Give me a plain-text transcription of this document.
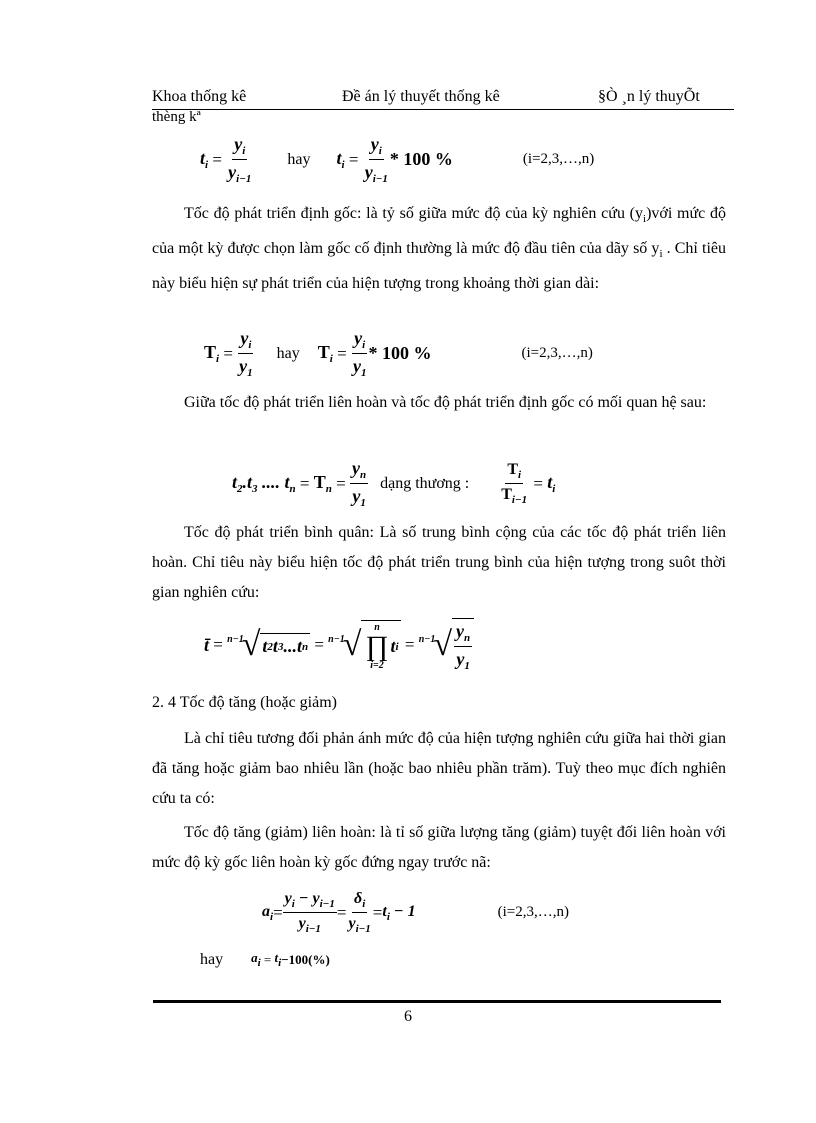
Khoa thống kê	Đề án lý thuyết thống kê	§Ò ¸n lý thuyÕt
thèng kª
$t_i = \frac{y_i}{y_{i-1}}$ hay $t_i = \frac{y_i}{y_{i-1}} * 100$ %	(i=2,3,…,n)
Tốc độ phát triển định gốc: là tỷ số giữa mức độ của kỳ nghiên cứu $(y_i)với$ mức độ của một kỳ được chọn làm gốc cố định thường là mức độ đầu tiên của dãy số $y_i$ . Chỉ tiêu này biểu hiện sự phát triển của hiện tượng trong khoảng thời gian dài:
$T_i = \frac{y_i}{y_1}$ hay $T_i = \frac{y_i}{y_1} * 100$ %	(i=2,3,…,n)
Giữa tốc độ phát triển liên hoàn và tốc độ phát triển định gốc có mối quan hệ sau:
$t_2.t_3$ .... $t_n = T_n = \frac{y_n}{y_1}$ dạng thương : $\frac{T_i}{T_{i-1}} = t_i$
Tốc độ phát triển bình quân: Là số trung bình cộng của các tốc độ phát triển liên hoàn. Chỉ tiêu này biểu hiện tốc độ phát triển trung bình của hiện tượng trong suôt thời gian nghiên cứu:
t̄ = n−1
√ t 2 t 3 ...t n = n−1
√ n
∏
i=2
t i = n−1
√ $\frac{y_n}{y_1}$
2. 4 Tốc độ tăng (hoặc giảm)
Là chỉ tiêu tương đối phản ánh mức độ của hiện tượng nghiên cứu giữa hai thời gian đã tăng hoặc giảm bao nhiêu lần (hoặc bao nhiêu phần trăm). Tuỳ theo mục đích nghiên cứu ta có:
Tốc độ tăng (giảm) liên hoàn: là tỉ số giữa lượng tăng (giảm) tuyệt đối liên hoàn với mức độ kỳ gốc liên hoàn kỳ gốc đứng ngay trước nã:
$a_i = \frac{y_i - y_{i-1}}{y_{i-1}} = \frac{\delta_i}{y_{i-1}} = t_i - 1$	(i=2,3,…,n)
hay $a_i = t_i -100(\%)$
6
